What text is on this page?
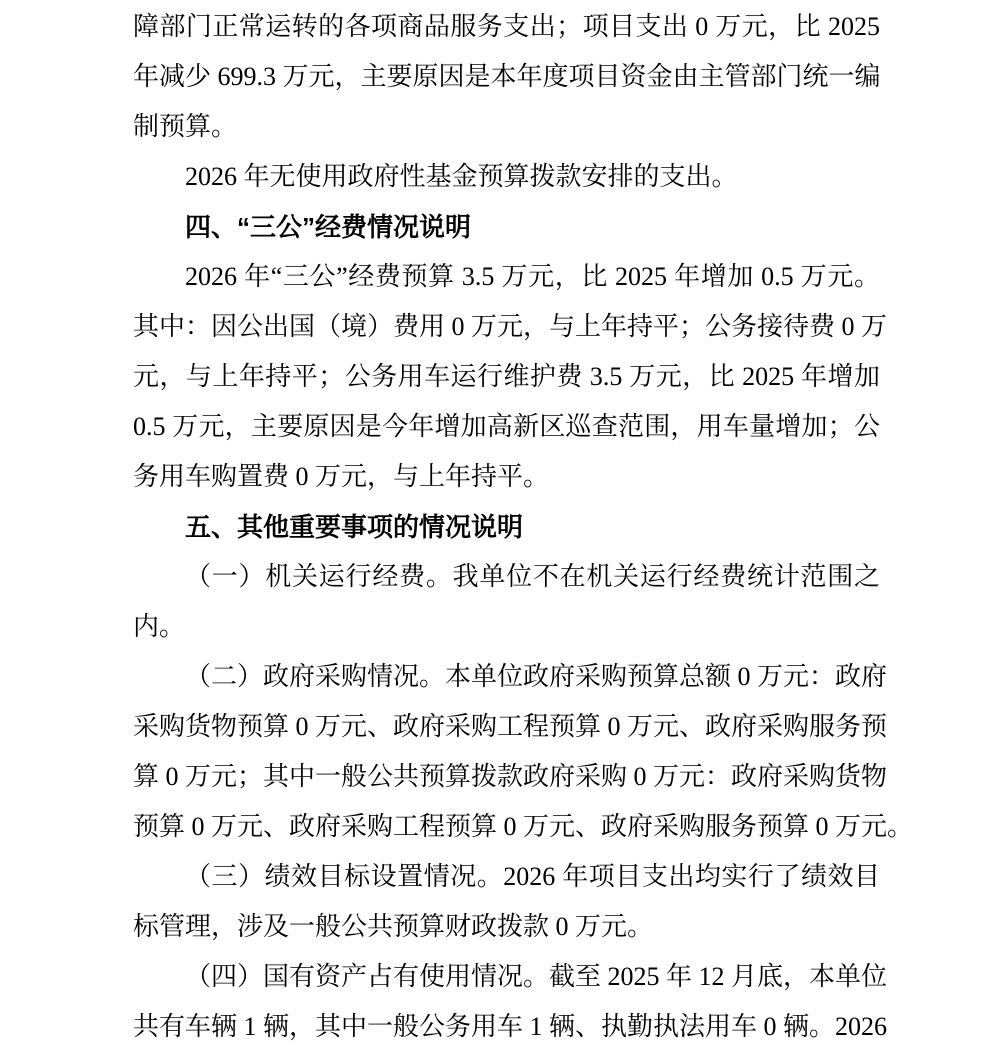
障部门正常运转的各项商品服务支出；项目支出 0 万元，比 2025
年减少 699.3 万元，主要原因是本年度项目资金由主管部门统一编
制预算。
2026 年无使用政府性基金预算拨款安排的支出。
四、“三公”经费情况说明
2026 年“三公”经费预算 3.5 万元，比 2025 年增加 0.5 万元。
其中：因公出国（境）费用 0 万元，与上年持平；公务接待费 0 万
元，与上年持平；公务用车运行维护费 3.5 万元，比 2025 年增加
0.5 万元，主要原因是今年增加高新区巡查范围，用车量增加；公
务用车购置费 0 万元，与上年持平。
五、其他重要事项的情况说明
（一）机关运行经费。我单位不在机关运行经费统计范围之
内。
（二）政府采购情况。本单位政府采购预算总额 0 万元：政府
采购货物预算 0 万元、政府采购工程预算 0 万元、政府采购服务预
算 0 万元；其中一般公共预算拨款政府采购 0 万元：政府采购货物
预算 0 万元、政府采购工程预算 0 万元、政府采购服务预算 0 万元。
（三）绩效目标设置情况。2026 年项目支出均实行了绩效目
标管理，涉及一般公共预算财政拨款 0 万元。
（四）国有资产占有使用情况。截至 2025 年 12 月底，本单位
共有车辆 1 辆，其中一般公务用车 1 辆、执勤执法用车 0 辆。2026
